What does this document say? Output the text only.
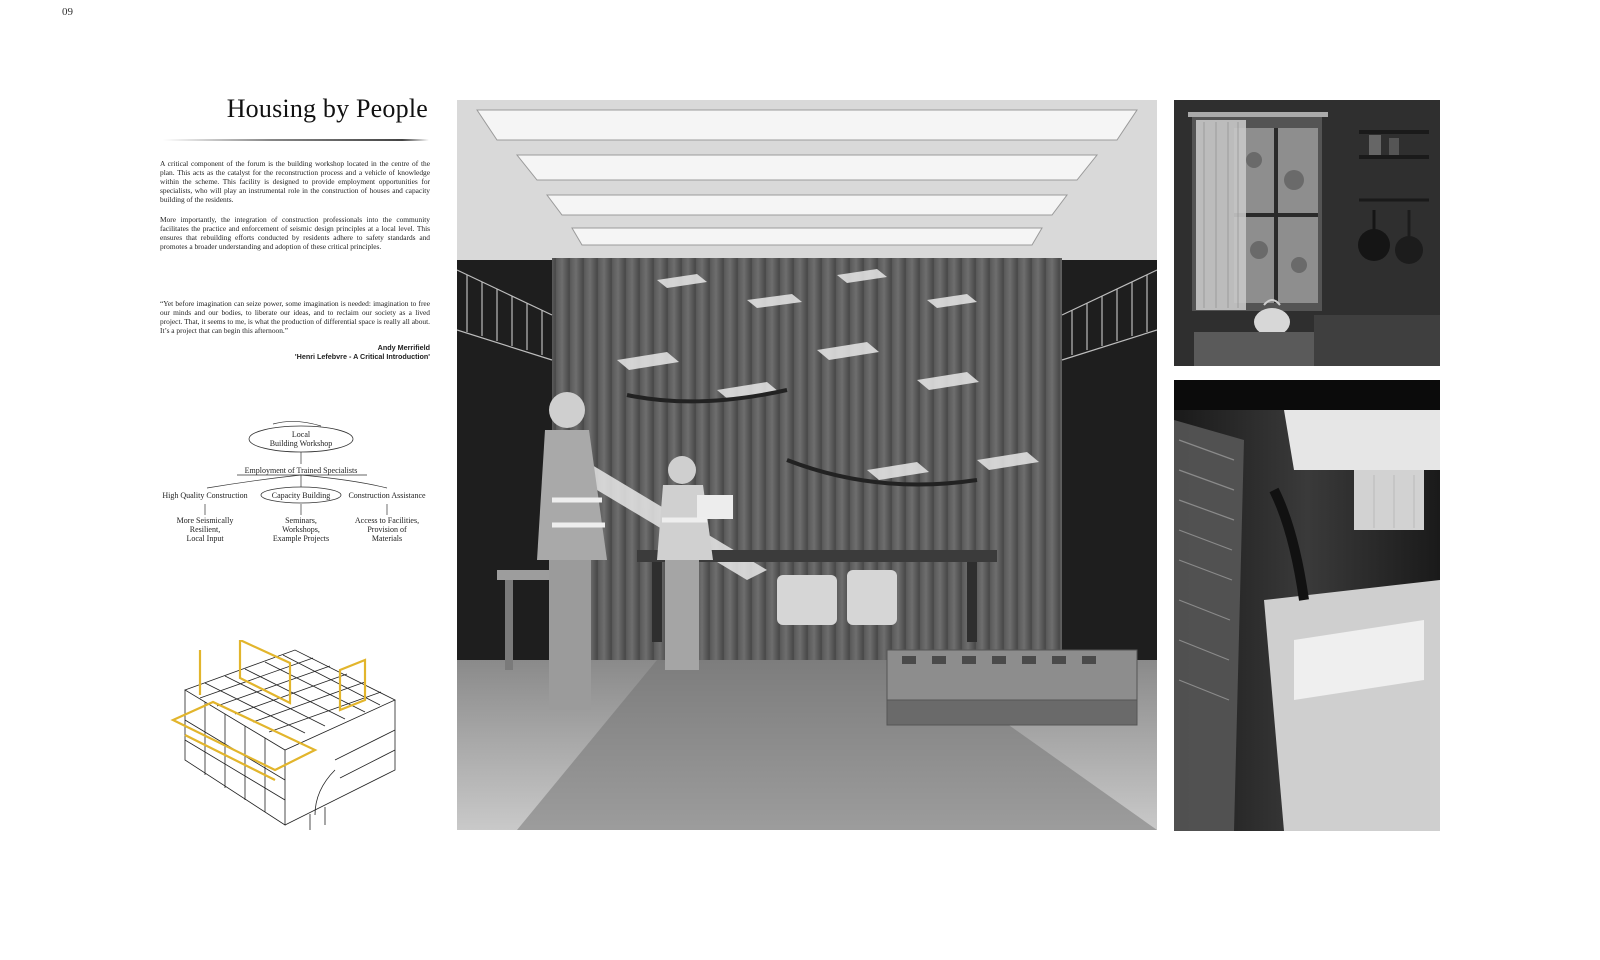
09
Housing by People

A critical component of the forum is the building workshop located in the centre of the plan. This acts as the catalyst for the reconstruction process and a vehicle of knowledge within the scheme. This facility is designed to provide employment opportunities for specialists, who will play an instrumental role in the construction of houses and capacity building of the residents.

More importantly, the integration of construction professionals into the community facilitates the practice and enforcement of seismic design principles at a local level. This ensures that rebuilding efforts conducted by residents adhere to safety standards and promotes a broader understanding and adoption of these critical principles.

“Yet before imagination can seize power, some imagination is needed: imagination to free our minds and our bodies, to liberate our ideas, and to reclaim our society as a lived project. That, it seems to me, is what the production of differential space is really all about. It’s a project that can begin this afternoon.”

Andy Merrifield
'Henri Lefebvre - A Critical Introduction'
Local
Building Workshop
Employment of Trained Specialists
High Quality Construction	Capacity Building	Construction Assistance
More Seismically
Resilient,
Local Input
Seminars,
Workshops,
Example Projects
Access to Facilities,
Provision of
Materials
